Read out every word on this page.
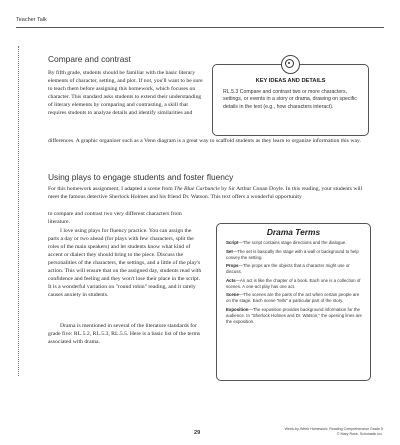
Teacher Talk
Compare and contrast

By fifth grade, students should be familiar with the basic literary elements of character, setting, and plot. If not, you'll want to be sure to teach them before assigning this homework, which focuses on character. This standard asks students to extend their understanding of literary elements by comparing and contrasting, a skill that requires students to analyze details and identify similarities and

differences. A graphic organizer such as a Venn diagram is a great way to scaffold students as they learn to organize information this way.

KEY IDEAS AND DETAILS

RL.5.3 Compare and contrast two or more characters, settings, or events in a story or drama, drawing on specific details in the text (e.g., how characters interact).

Using plays to engage students and foster fluency

For this homework assignment, I adapted a scene from The Blue Carbuncle by Sir Arthur Conan Doyle. In this reading, your students will meet the famous detective Sherlock Holmes and his friend Dr. Watson. This text offers a wonderful opportunity

to compare and contrast two very different characters from literature.

I love using plays for fluency practice. You can assign the parts a day or two ahead (for plays with few characters, split the roles of the main speakers) and let students know what kind of accent or dialect they should bring to the piece. Discuss the personalities of the characters, the settings, and a little of the play's action. This will ensure that on the assigned day, students read with confidence and feeling and they won't lose their place in the script. It is a wonderful variation on "round robin" reading, and it rarely causes anxiety in students.

Drama is mentioned in several of the literature standards for grade five: RL.5.2, RL.5.3, RL.5.5. Here is a basic list of the terms associated with drama.

Drama Terms
Script—The script contains stage directions and the dialogue.
Set—The set is basically the stage with a wall or background to help convey the setting.
Props—The props are the objects that a character might use or discuss.
Acts—An act is like the chapter of a book. Each one is a collection of scenes. A one-act play has one act.
Scene—The scenes are the parts of the act when certain people are on the stage. Each scene "tells" a particular part of the story.
Exposition—The exposition provides background information for the audience. In "Sherlock Holmes and Dr. Watson," the opening lines are the exposition.
29
Week-by-Week Homework: Reading Comprehension Grade 5
© Mary Rose, Scholastic Inc.
